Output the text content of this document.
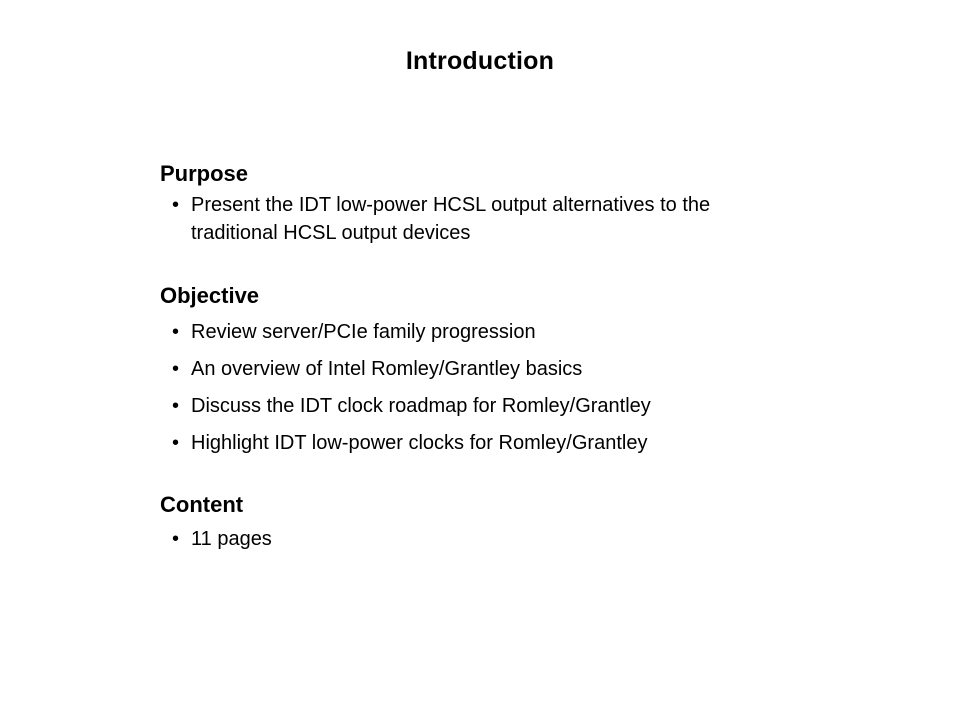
Introduction
Purpose
• Present the IDT low-power HCSL output alternatives to the traditional HCSL output devices
Objective
• Review server/PCIe family progression
• An overview of Intel Romley/Grantley basics
• Discuss the IDT clock roadmap for Romley/Grantley
• Highlight IDT low-power clocks for Romley/Grantley
Content
• 11 pages
